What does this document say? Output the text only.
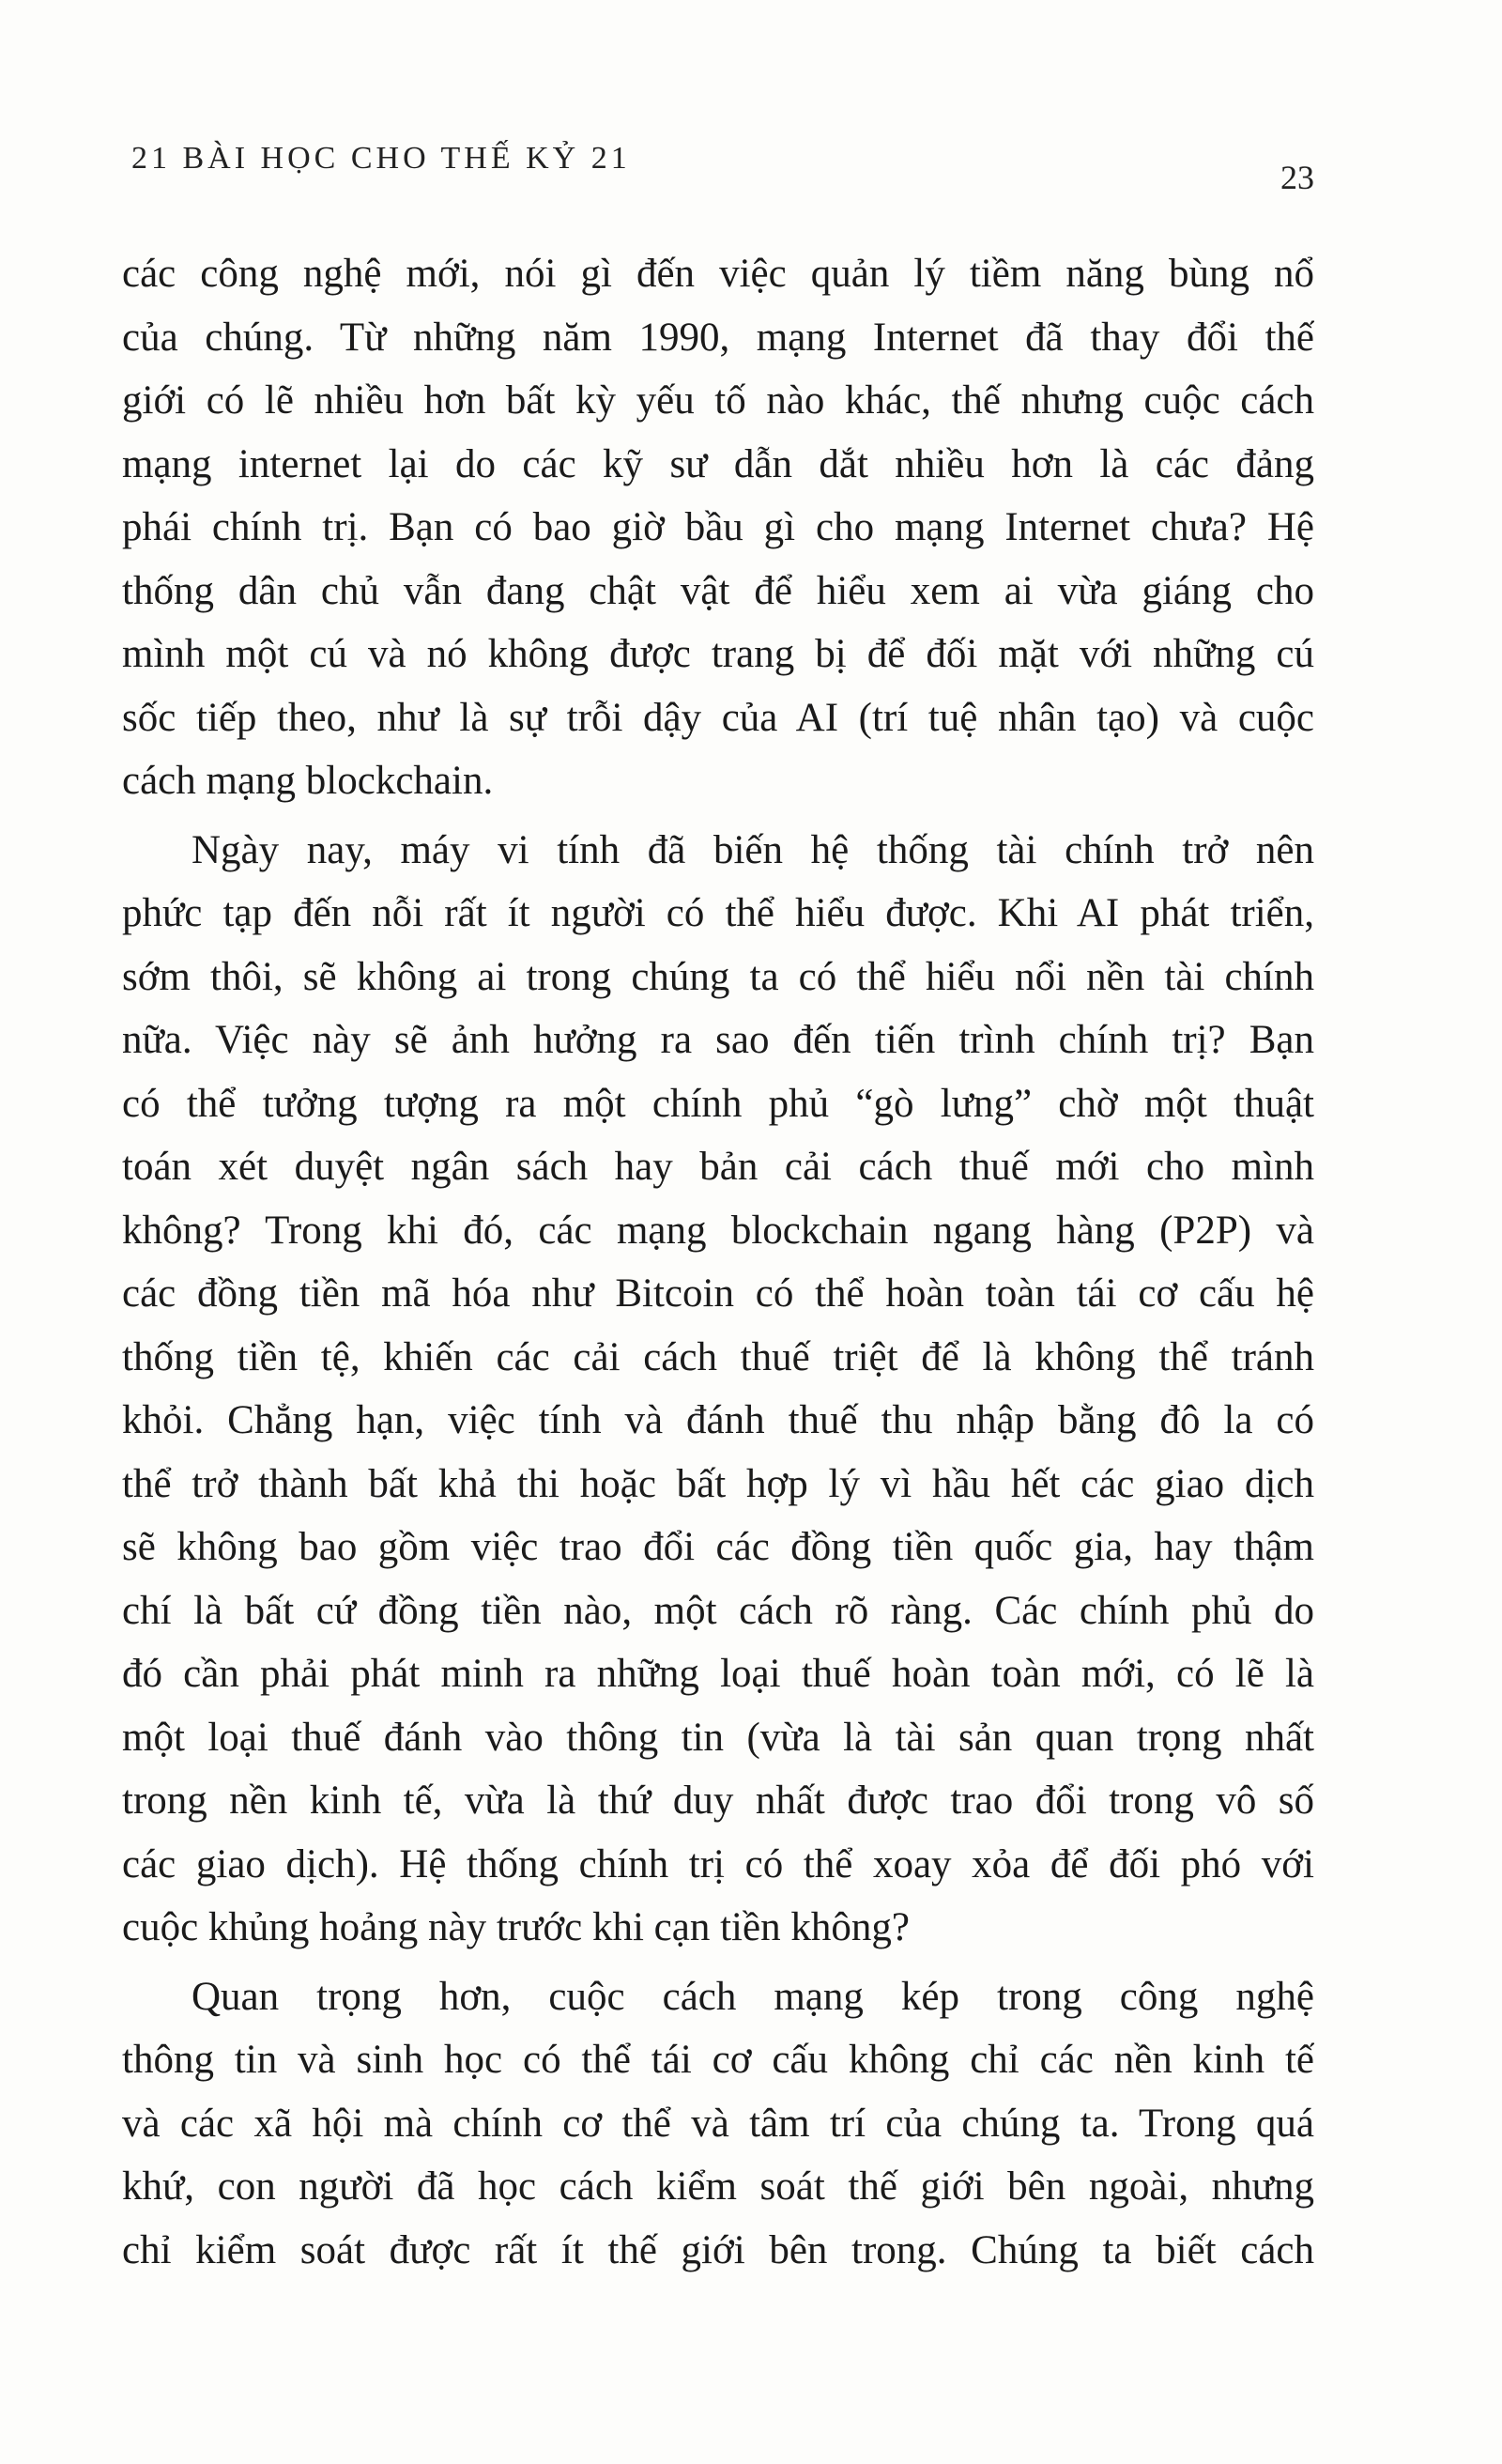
21 BÀI HỌC CHO THẾ KỶ 21
23
các công nghệ mới, nói gì đến việc quản lý tiềm năng bùng nổ
của chúng. Từ những năm 1990, mạng Internet đã thay đổi thế
giới có lẽ nhiều hơn bất kỳ yếu tố nào khác, thế nhưng cuộc cách
mạng internet lại do các kỹ sư dẫn dắt nhiều hơn là các đảng
phái chính trị. Bạn có bao giờ bầu gì cho mạng Internet chưa? Hệ
thống dân chủ vẫn đang chật vật để hiểu xem ai vừa giáng cho
mình một cú và nó không được trang bị để đối mặt với những cú
sốc tiếp theo, như là sự trỗi dậy của AI (trí tuệ nhân tạo) và cuộc
cách mạng blockchain.
Ngày nay, máy vi tính đã biến hệ thống tài chính trở nên
phức tạp đến nỗi rất ít người có thể hiểu được. Khi AI phát triển,
sớm thôi, sẽ không ai trong chúng ta có thể hiểu nổi nền tài chính
nữa. Việc này sẽ ảnh hưởng ra sao đến tiến trình chính trị? Bạn
có thể tưởng tượng ra một chính phủ “gò lưng” chờ một thuật
toán xét duyệt ngân sách hay bản cải cách thuế mới cho mình
không? Trong khi đó, các mạng blockchain ngang hàng (P2P) và
các đồng tiền mã hóa như Bitcoin có thể hoàn toàn tái cơ cấu hệ
thống tiền tệ, khiến các cải cách thuế triệt để là không thể tránh
khỏi. Chẳng hạn, việc tính và đánh thuế thu nhập bằng đô la có
thể trở thành bất khả thi hoặc bất hợp lý vì hầu hết các giao dịch
sẽ không bao gồm việc trao đổi các đồng tiền quốc gia, hay thậm
chí là bất cứ đồng tiền nào, một cách rõ ràng. Các chính phủ do
đó cần phải phát minh ra những loại thuế hoàn toàn mới, có lẽ là
một loại thuế đánh vào thông tin (vừa là tài sản quan trọng nhất
trong nền kinh tế, vừa là thứ duy nhất được trao đổi trong vô số
các giao dịch). Hệ thống chính trị có thể xoay xỏa để đối phó với
cuộc khủng hoảng này trước khi cạn tiền không?
Quan trọng hơn, cuộc cách mạng kép trong công nghệ
thông tin và sinh học có thể tái cơ cấu không chỉ các nền kinh tế
và các xã hội mà chính cơ thể và tâm trí của chúng ta. Trong quá
khứ, con người đã học cách kiểm soát thế giới bên ngoài, nhưng
chỉ kiểm soát được rất ít thế giới bên trong. Chúng ta biết cách
